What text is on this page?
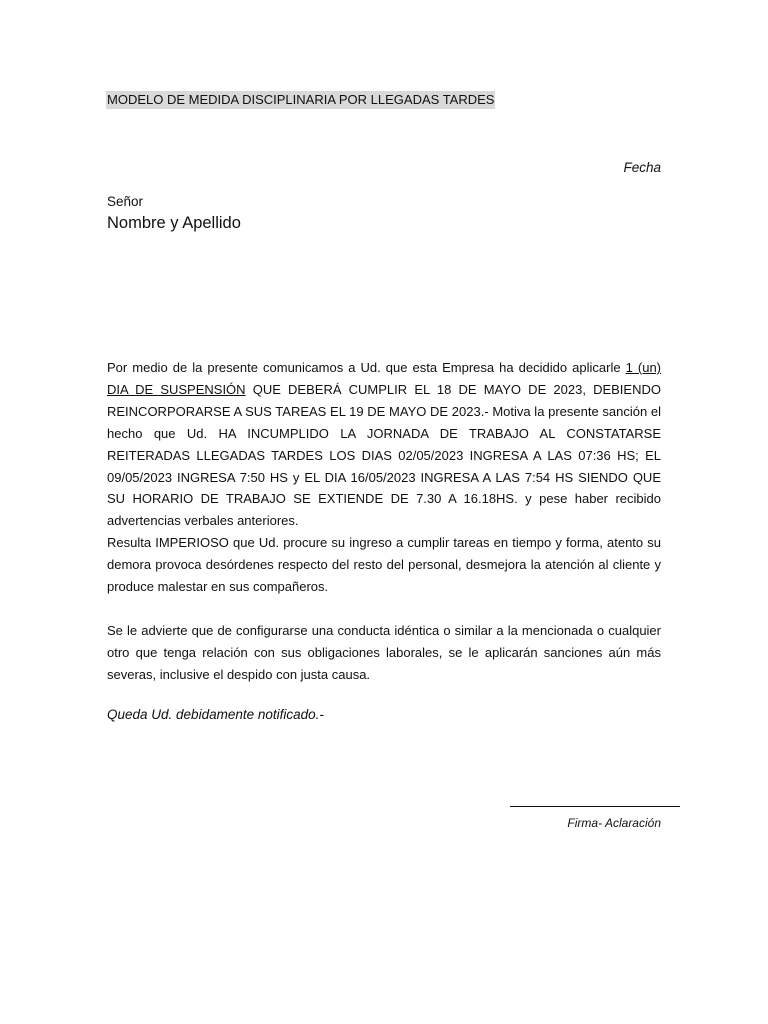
MODELO DE MEDIDA DISCIPLINARIA POR LLEGADAS TARDES
Fecha
Señor
Nombre y Apellido
Por medio de la presente comunicamos a Ud. que esta Empresa ha decidido aplicarle 1 (un) DIA DE SUSPENSIÓN QUE DEBERÁ CUMPLIR EL 18 DE MAYO DE 2023, DEBIENDO REINCORPORARSE A SUS TAREAS EL 19 DE MAYO DE 2023.- Motiva la presente sanción el hecho que Ud. HA INCUMPLIDO LA JORNADA DE TRABAJO AL CONSTATARSE REITERADAS LLEGADAS TARDES LOS DIAS 02/05/2023 INGRESA A LAS 07:36 HS; EL 09/05/2023 INGRESA 7:50 HS y EL DIA 16/05/2023 INGRESA A LAS 7:54 HS SIENDO QUE SU HORARIO DE TRABAJO SE EXTIENDE DE 7.30 A 16.18HS. y pese haber recibido advertencias verbales anteriores.
Resulta IMPERIOSO que Ud. procure su ingreso a cumplir tareas en tiempo y forma, atento su demora provoca desórdenes respecto del resto del personal, desmejora la atención al cliente y produce malestar en sus compañeros.
Se le advierte que de configurarse una conducta idéntica o similar a la mencionada o cualquier otro que tenga relación con sus obligaciones laborales, se le aplicarán sanciones aún más severas, inclusive el despido con justa causa.
Queda Ud. debidamente notificado.-
Firma- Aclaración
